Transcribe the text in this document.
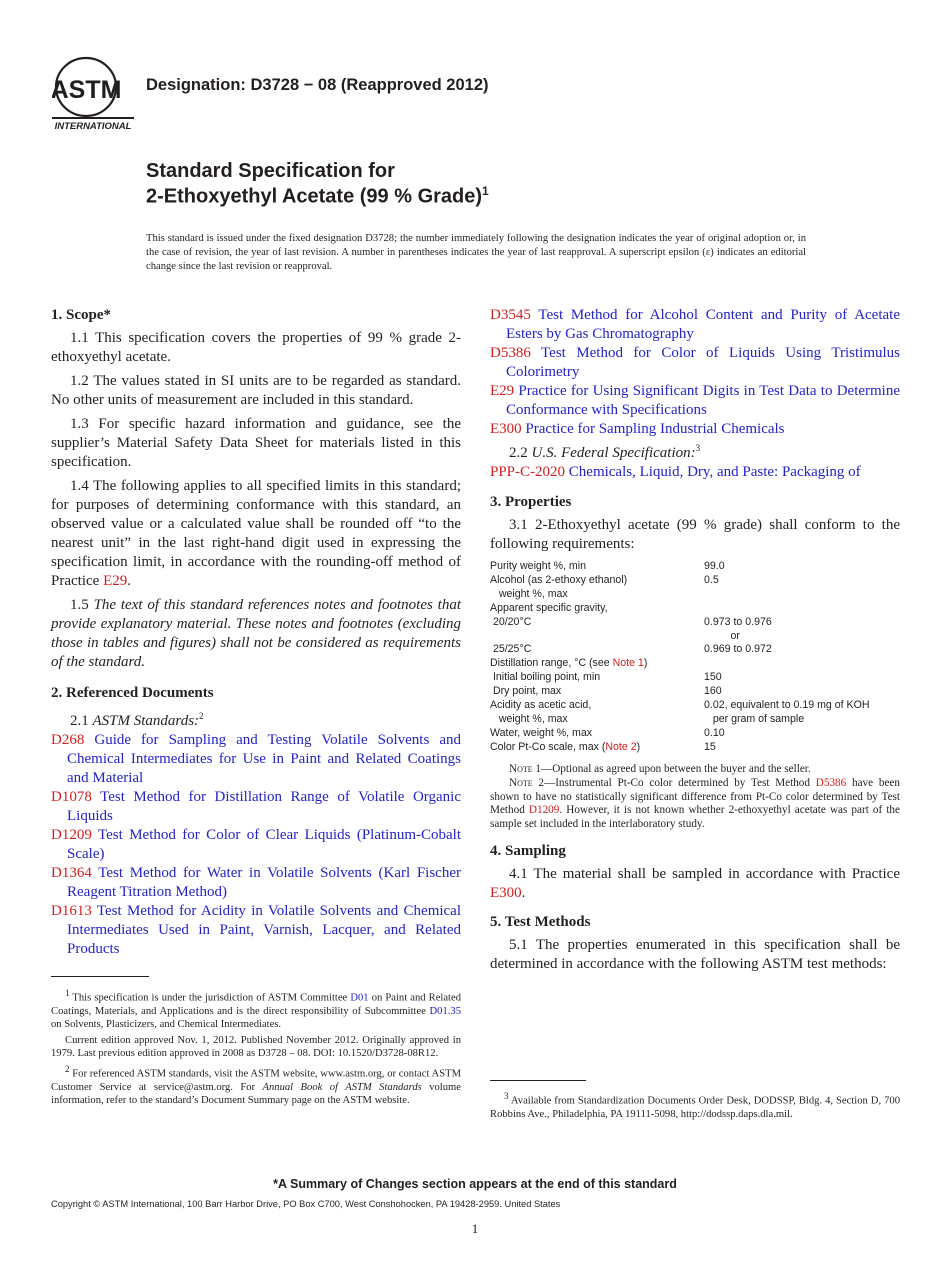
ASTM
INTERNATIONAL
Designation: D3728 − 08 (Reapproved 2012)
Standard Specification for
2-Ethoxyethyl Acetate (99 % Grade)$^1$
This standard is issued under the fixed designation D3728; the number immediately following the designation indicates the year of original adoption or, in the case of revision, the year of last revision. A number in parentheses indicates the year of last reapproval. A superscript epsilon (ε) indicates an editorial change since the last revision or reapproval.
1. Scope*

1.1 This specification covers the properties of 99 % grade 2-ethoxyethyl acetate.

1.2 The values stated in SI units are to be regarded as standard. No other units of measurement are included in this standard.

1.3 For specific hazard information and guidance, see the supplier’s Material Safety Data Sheet for materials listed in this specification.

1.4 The following applies to all specified limits in this standard; for purposes of determining conformance with this standard, an observed value or a calculated value shall be rounded off “to the nearest unit” in the last right-hand digit used in expressing the specification limit, in accordance with the rounding-off method of Practice E29.

1.5 The text of this standard references notes and footnotes that provide explanatory material. These notes and footnotes (excluding those in tables and figures) shall not be considered as requirements of the standard.

2. Referenced Documents

2.1 ASTM Standards:$^2$

D268 Guide for Sampling and Testing Volatile Solvents and Chemical Intermediates for Use in Paint and Related Coatings and Material

D1078 Test Method for Distillation Range of Volatile Organic Liquids

D1209 Test Method for Color of Clear Liquids (Platinum-Cobalt Scale)

D1364 Test Method for Water in Volatile Solvents (Karl Fischer Reagent Titration Method)

D1613 Test Method for Acidity in Volatile Solvents and Chemical Intermediates Used in Paint, Varnish, Lacquer, and Related Products

D3545 Test Method for Alcohol Content and Purity of Acetate Esters by Gas Chromatography

D5386 Test Method for Color of Liquids Using Tristimulus Colorimetry

E29 Practice for Using Significant Digits in Test Data to Determine Conformance with Specifications

E300 Practice for Sampling Industrial Chemicals

2.2 U.S. Federal Specification:$^3$

PPP-C-2020 Chemicals, Liquid, Dry, and Paste: Packaging of

3. Properties

3.1 2-Ethoxyethyl acetate (99 % grade) shall conform to the following requirements:

Purity weight %, min	99.0
Alcohol (as 2-ethoxy ethanol)	0.5
weight %, max
Apparent specific gravity,
20/20°C	0.973 to 0.976
or
25/25°C	0.969 to 0.972
Distillation range, °C (see Note 1)
Initial boiling point, min	150
Dry point, max	160
Acidity as acetic acid,	0.02, equivalent to 0.19 mg of KOH
weight %, max	per gram of sample
Water, weight %, max	0.10
Color Pt-Co scale, max (Note 2)	15

Note 1—Optional as agreed upon between the buyer and the seller.

Note 2—Instrumental Pt-Co color determined by Test Method D5386 have been shown to have no statistically significant difference from Pt-Co color determined by Test Method D1209. However, it is not known whether 2-ethoxyethyl acetate was part of the sample set included in the interlaboratory study.

4. Sampling

4.1 The material shall be sampled in accordance with Practice E300.

5. Test Methods

5.1 The properties enumerated in this specification shall be determined in accordance with the following ASTM test methods:

$^1$ This specification is under the jurisdiction of ASTM Committee D01 on Paint and Related Coatings, Materials, and Applications and is the direct responsibility of Subcommittee D01.35 on Solvents, Plasticizers, and Chemical Intermediates.

Current edition approved Nov. 1, 2012. Published November 2012. Originally approved in 1979. Last previous edition approved in 2008 as D3728 – 08. DOI: 10.1520/D3728-08R12.

$^2$ For referenced ASTM standards, visit the ASTM website, www.astm.org, or contact ASTM Customer Service at service@astm.org. For Annual Book of ASTM Standards volume information, refer to the standard’s Document Summary page on the ASTM website.	$^3$ Available from Standardization Documents Order Desk, DODSSP, Bldg. 4, Section D, 700 Robbins Ave., Philadelphia, PA 19111-5098, http://dodssp.daps.dla.mil.

*A Summary of Changes section appears at the end of this standard
Copyright © ASTM International, 100 Barr Harbor Drive, PO Box C700, West Conshohocken, PA 19428-2959. United States
1
